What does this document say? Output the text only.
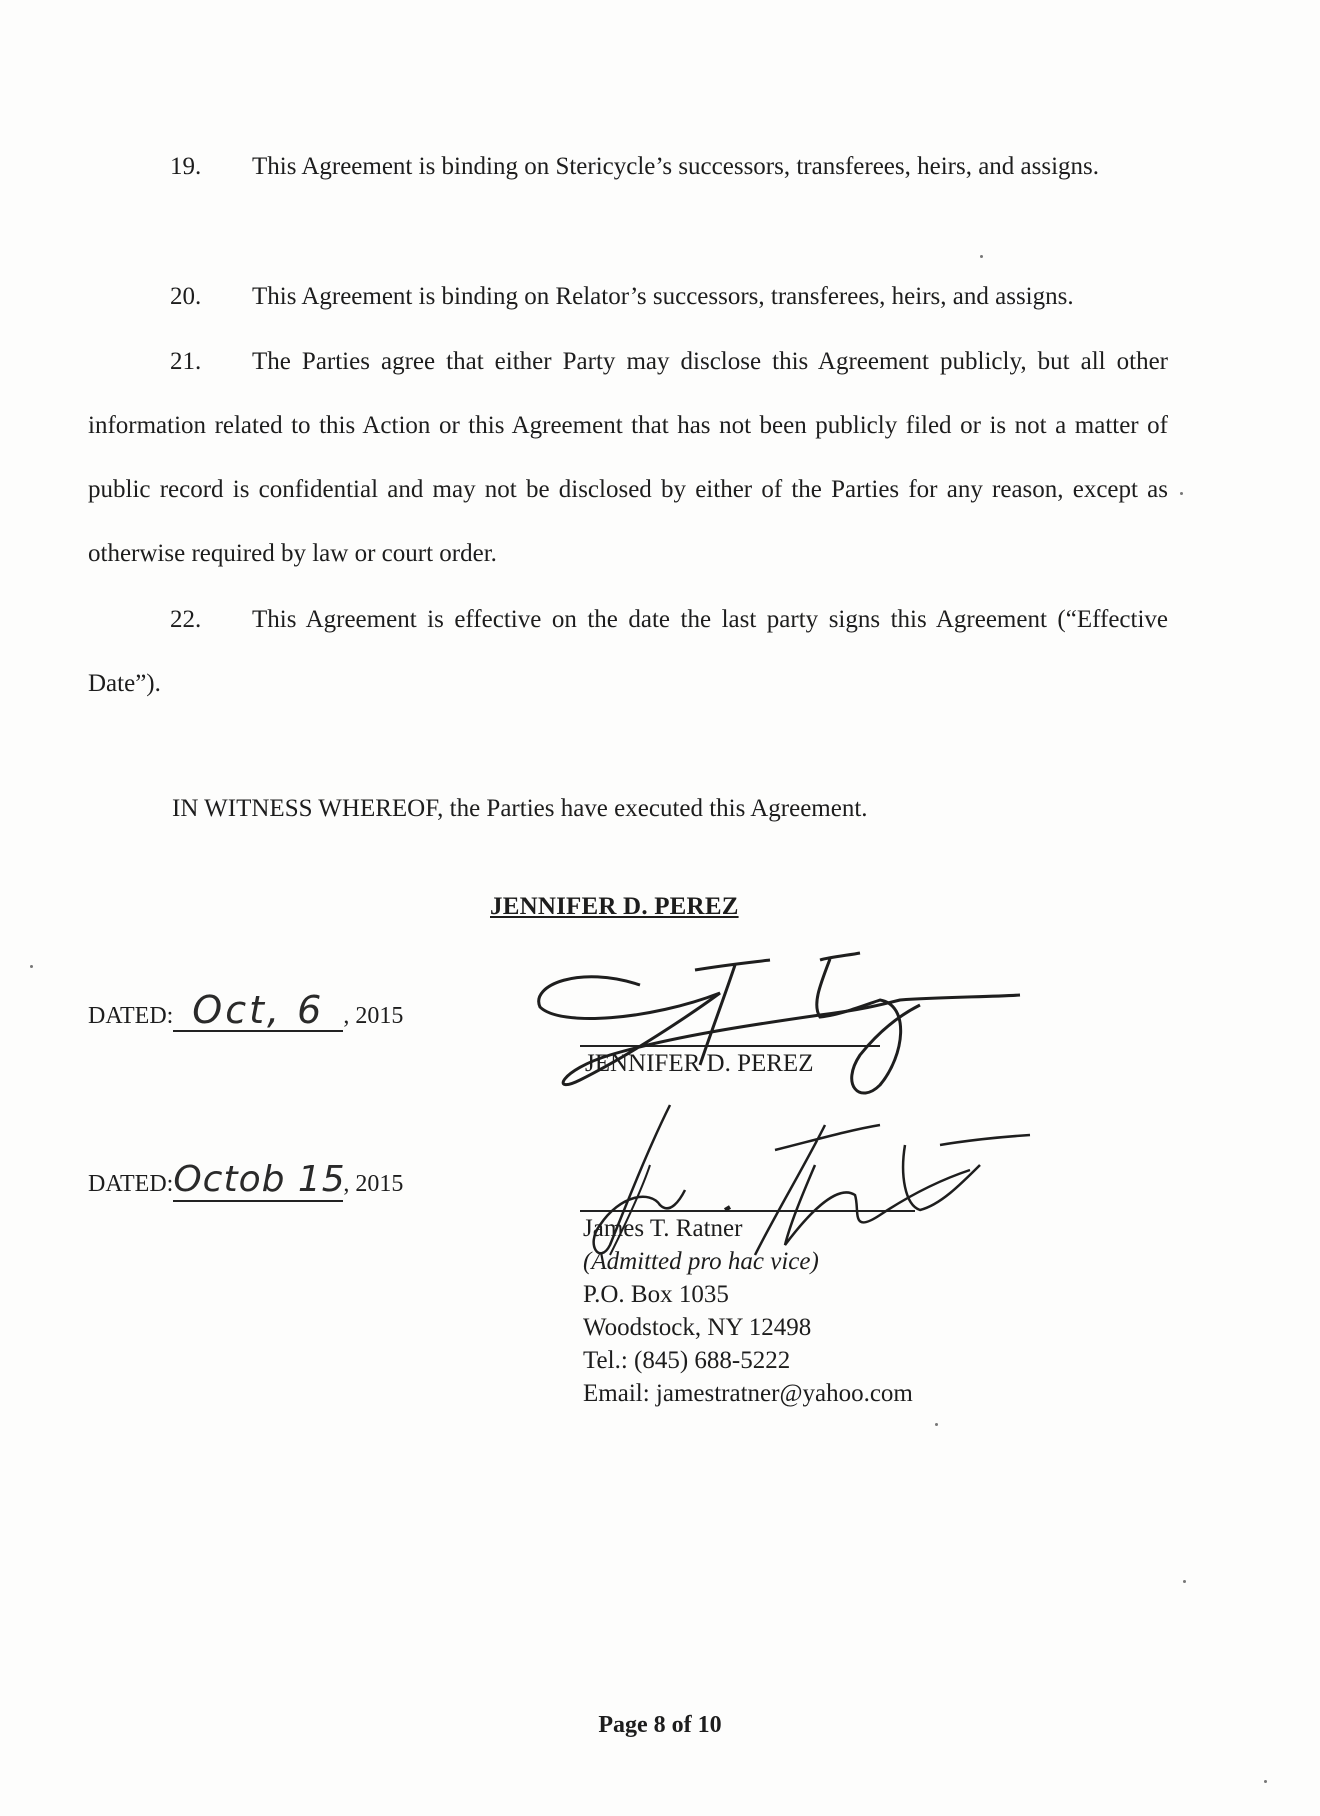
19. This Agreement is binding on Stericycle’s successors, transferees, heirs, and assigns.
20. This Agreement is binding on Relator’s successors, transferees, heirs, and assigns.
21. The Parties agree that either Party may disclose this Agreement publicly, but all other information related to this Action or this Agreement that has not been publicly filed or is not a matter of public record is confidential and may not be disclosed by either of the Parties for any reason, except as otherwise required by law or court order.
22. This Agreement is effective on the date the last party signs this Agreement (“Effective Date”).
IN WITNESS WHEREOF, the Parties have executed this Agreement.
JENNIFER D. PEREZ
DATED: Oct, 6 , 2015
JENNIFER D. PEREZ
DATED:Octob 15, 2015
James T. Ratner
(Admitted pro hac vice)
P.O. Box 1035
Woodstock, NY 12498
Tel.: (845) 688-5222
Email: jamestratner@yahoo.com
Page 8 of 10
